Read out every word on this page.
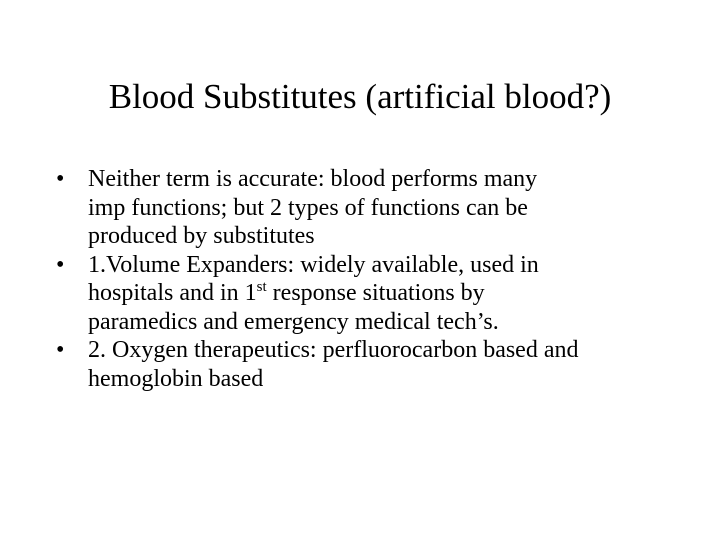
Blood Substitutes (artificial blood?)
• Neither term is accurate: blood performs many
imp functions; but 2 types of functions can be
produced by substitutes
• 1.Volume Expanders: widely available, used in
hospitals and in 1st response situations by
paramedics and emergency medical tech’s.
• 2. Oxygen therapeutics: perfluorocarbon based and
hemoglobin based
